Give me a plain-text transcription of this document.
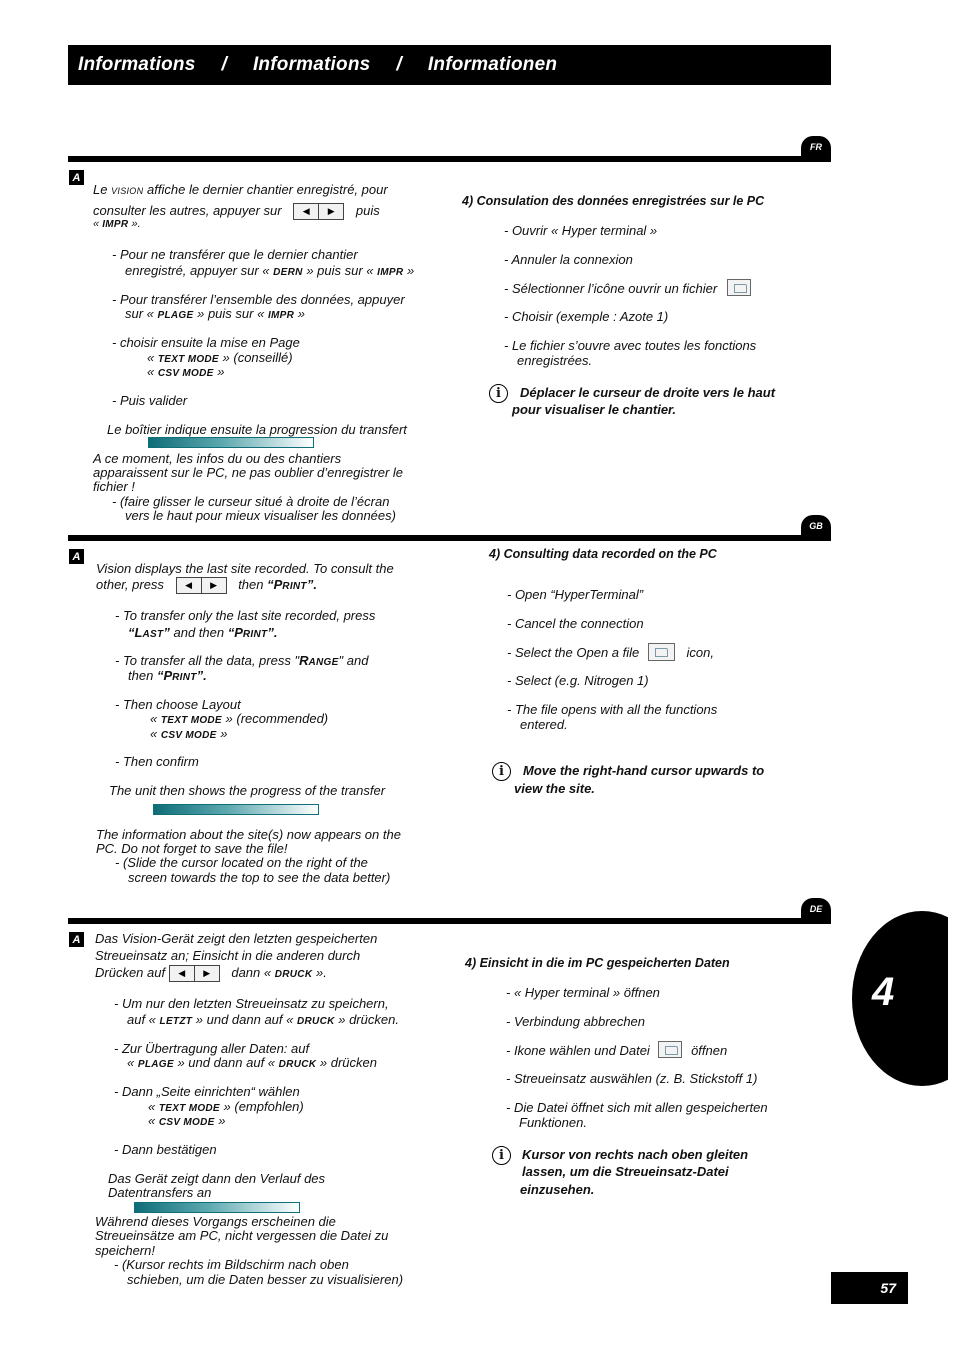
Informations / Informations / Informationen
FR
A
Le VISION affiche le dernier chantier enregistré, pour
consulter les autres, appuyer sur	◀	▶	puis
« IMPR ».
- Pour ne transférer que le dernier chantier
enregistré, appuyer sur « DERN » puis sur « IMPR »
- Pour transférer l’ensemble des données, appuyer
sur « PLAGE » puis sur « IMPR »
- choisir ensuite la mise en Page
« TEXT MODE » (conseillé)
« CSV MODE »
- Puis valider
Le boîtier indique ensuite la progression du transfert
A ce moment, les infos du ou des chantiers
apparaissent sur le PC, ne pas oublier d’enregistrer le
fichier !
- (faire glisser le curseur situé à droite de l’écran
vers le haut pour mieux visualiser les données)
4) Consulation des données enregistrées sur le PC
- Ouvrir « Hyper terminal »
- Annuler la connexion
- Sélectionner l’icône ouvrir un fichier
- Choisir (exemple : Azote 1)
- Le fichier s’ouvre avec toutes les fonctions
enregistrées.
i	Déplacer le curseur de droite vers le haut
pour visualiser le chantier.
GB
A
Vision displays the last site recorded. To consult the
other, press	◀	▶	then “PRINT”.
- To transfer only the last site recorded, press
“LAST” and then “PRINT”.
- To transfer all the data, press "RANGE" and
then “PRINT”.
- Then choose Layout
« TEXT MODE » (recommended)
« CSV MODE »
- Then confirm
The unit then shows the progress of the transfer
The information about the site(s) now appears on the
PC. Do not forget to save the file!
- (Slide the cursor located on the right of the
screen towards the top to see the data better)
4) Consulting data recorded on the PC
- Open “HyperTerminal”
- Cancel the connection
- Select the Open a file	icon,
- Select (e.g. Nitrogen 1)
- The file opens with all the functions
entered.
i	Move the right-hand cursor upwards to
view the site.
DE
A Das Vision-Gerät zeigt den letzten gespeicherten
Streueinsatz an; Einsicht in die anderen durch
Drücken auf	◀	▶	dann « DRUCK ».
- Um nur den letzten Streueinsatz zu speichern,
auf « LETZT » und dann auf « DRUCK » drücken.
- Zur Übertragung aller Daten: auf
« PLAGE » und dann auf « DRUCK » drücken
- Dann „Seite einrichten“ wählen
« TEXT MODE » (empfohlen)
« CSV MODE »
- Dann bestätigen
Das Gerät zeigt dann den Verlauf des
Datentransfers an
Während dieses Vorgangs erscheinen die
Streueinsätze am PC, nicht vergessen die Datei zu
speichern!
- (Kursor rechts im Bildschirm nach oben
schieben, um die Daten besser zu visualisieren)
4) Einsicht in die im PC gespeicherten Daten
- « Hyper terminal » öffnen
- Verbindung abbrechen
- Ikone wählen und Datei	öffnen
- Streueinsatz auswählen (z. B. Stickstoff 1)
- Die Datei öffnet sich mit allen gespeicherten
Funktionen.
i	Kursor von rechts nach oben gleiten
lassen, um die Streueinsatz-Datei
einzusehen.
4
57
